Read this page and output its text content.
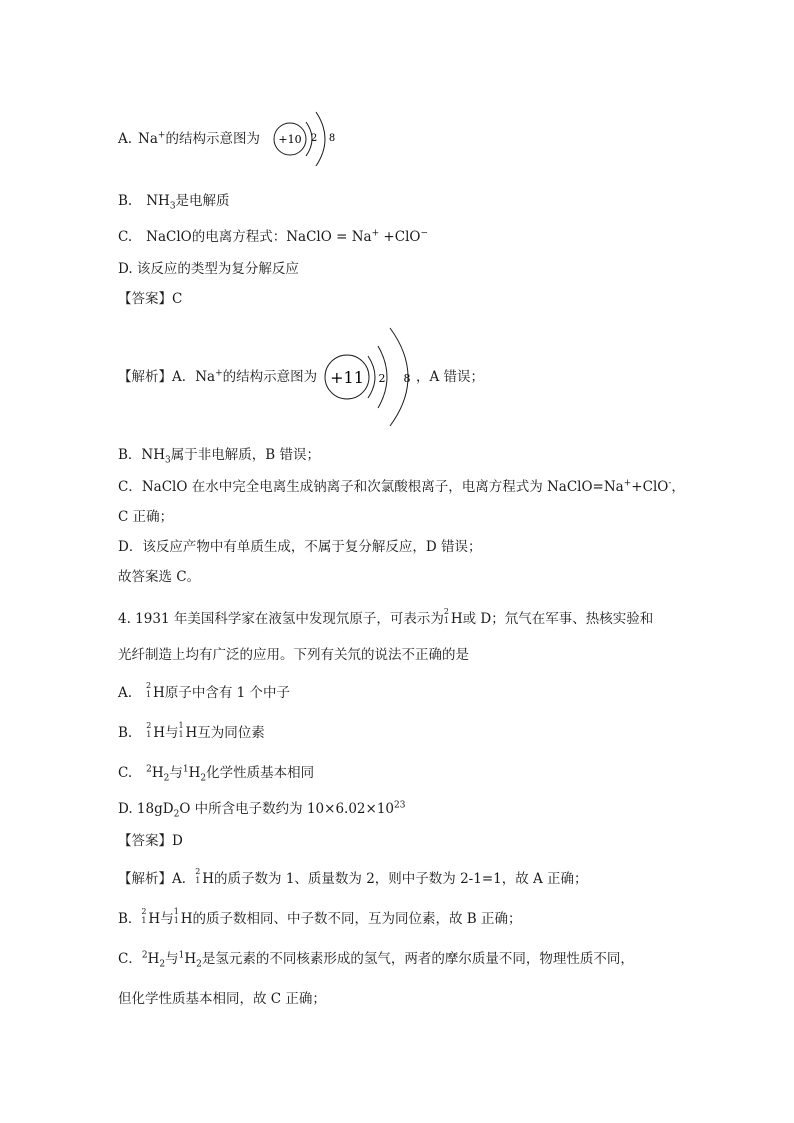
A. Na+的结构示意图为 +10 2 8
B. $NH_3$是电解质
C. NaClO的电离方程式：NaClO = Na+ +ClO−
D. 该反应的类型为复分解反应
【答案】C
【解析】A．Na+的结构示意图为 +11 2 8 ，A 错误；
B．$NH_3$属于非电解质，B 错误；
C．NaClO 在水中完全电离生成钠离子和次氯酸根离子，电离方程式为 NaClO=Na++ClO-，
C 正确；
D．该反应产物中有单质生成，不属于复分解反应，D 错误；
故答案选 C。
4. 1931 年美国科学家在液氢中发现氘原子，可表示为 2
1 H或 D；氘气在军事、热核实验和
光纤制造上均有广泛的应用。下列有关氘的说法不正确的是
A. 2
1 H原子中含有 1 个中子
B. 2
1 H与 1
1 H互为同位素
C. $^2H_2$与$^1H_2$化学性质基本相同
D. $18gD_2O$ 中所含电子数约为 $10\times 6.02\times 10^{23}$
【答案】D
【解析】A． 2
1 H的质子数为 1、质量数为 2，则中子数为 2-1=1，故 A 正确；
B． 2
1 H与 1
1 H的质子数相同、中子数不同，互为同位素，故 B 正确；
C．$^2H_2$与$^1H_2$是氢元素的不同核素形成的氢气，两者的摩尔质量不同，物理性质不同，
但化学性质基本相同，故 C 正确；
